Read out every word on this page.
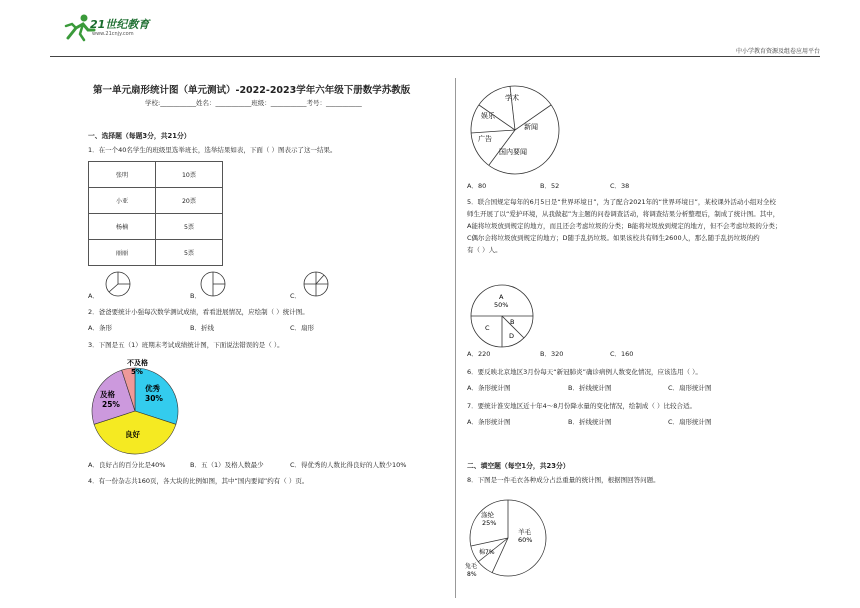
21世纪教育
www.21cnjy.com
中小学教育资源及组卷应用平台
第一单元扇形统计图（单元测试）-2022-2023学年六年级下册数学苏教版
学校:___________姓名：___________班级：___________考号：___________
一、选择题（每题3分，共21分）
1．在一个40名学生的班级里选举班长，选举结果如表，下面（ ）图表示了这一结果。
张明	10票
小亚	20票
杨楠	5票
丽丽	5票
A．	B．	C．
2．爸爸要统计小强每次数学测试成绩，看看进展情况，应绘制（ ）统计图。
A．条形	B．折线	C．扇形
3．下图是五（1）班期末考试成绩统计图，下面说法错误的是（ ）。
不及格
5%
优秀
30%
及格
25%
良好
A．良好占的百分比是40%	B．五（1）及格人数最少	C．得优秀的人数比得良好的人数少10%
4．有一份杂志共160页，各大块的比例如图，其中“国内要闻”约有（ ）页。
学术
娱乐
新闻
广告
国内要闻
A．80	B．52	C．38
5．联合国规定每年的6月5日是“世界环境日”，为了配合2021年的“世界环境日”，某校课外活动小组对全校
师生开展了以“爱护环境，从我做起”为主题的问卷调查活动，将调查结果分析整理后，制成了统计图。其中，
A能将垃圾放到规定的地方，而且还会考虑垃圾的分类；B能将垃圾放到规定的地方，但不会考虑垃圾的分类；
C偶尔会将垃圾放到规定的地方；D随手乱扔垃圾。如果该校共有师生2600人，那么随手乱扔垃圾的约
有（ ）人。
A
50%
B
C
D
A．220	B．320	C．160
6．要反映北京地区3月份每天“新冠肺炎”确诊病例人数变化情况，应该选用（ ）。
A．条形统计图	B．折线统计图	C．扇形统计图
7．要统计淮安地区近十年4～8月份降水量的变化情况，绘制成（ ）比较合适。
A．条形统计图	B．折线统计图	C．扇形统计图
二、填空题（每空1分，共23分）
8．下图是一件毛衣各种成分占总重量的统计图，根据图回答问题。
涤纶
25%
羊毛
60%
棉7%
兔毛
8%
